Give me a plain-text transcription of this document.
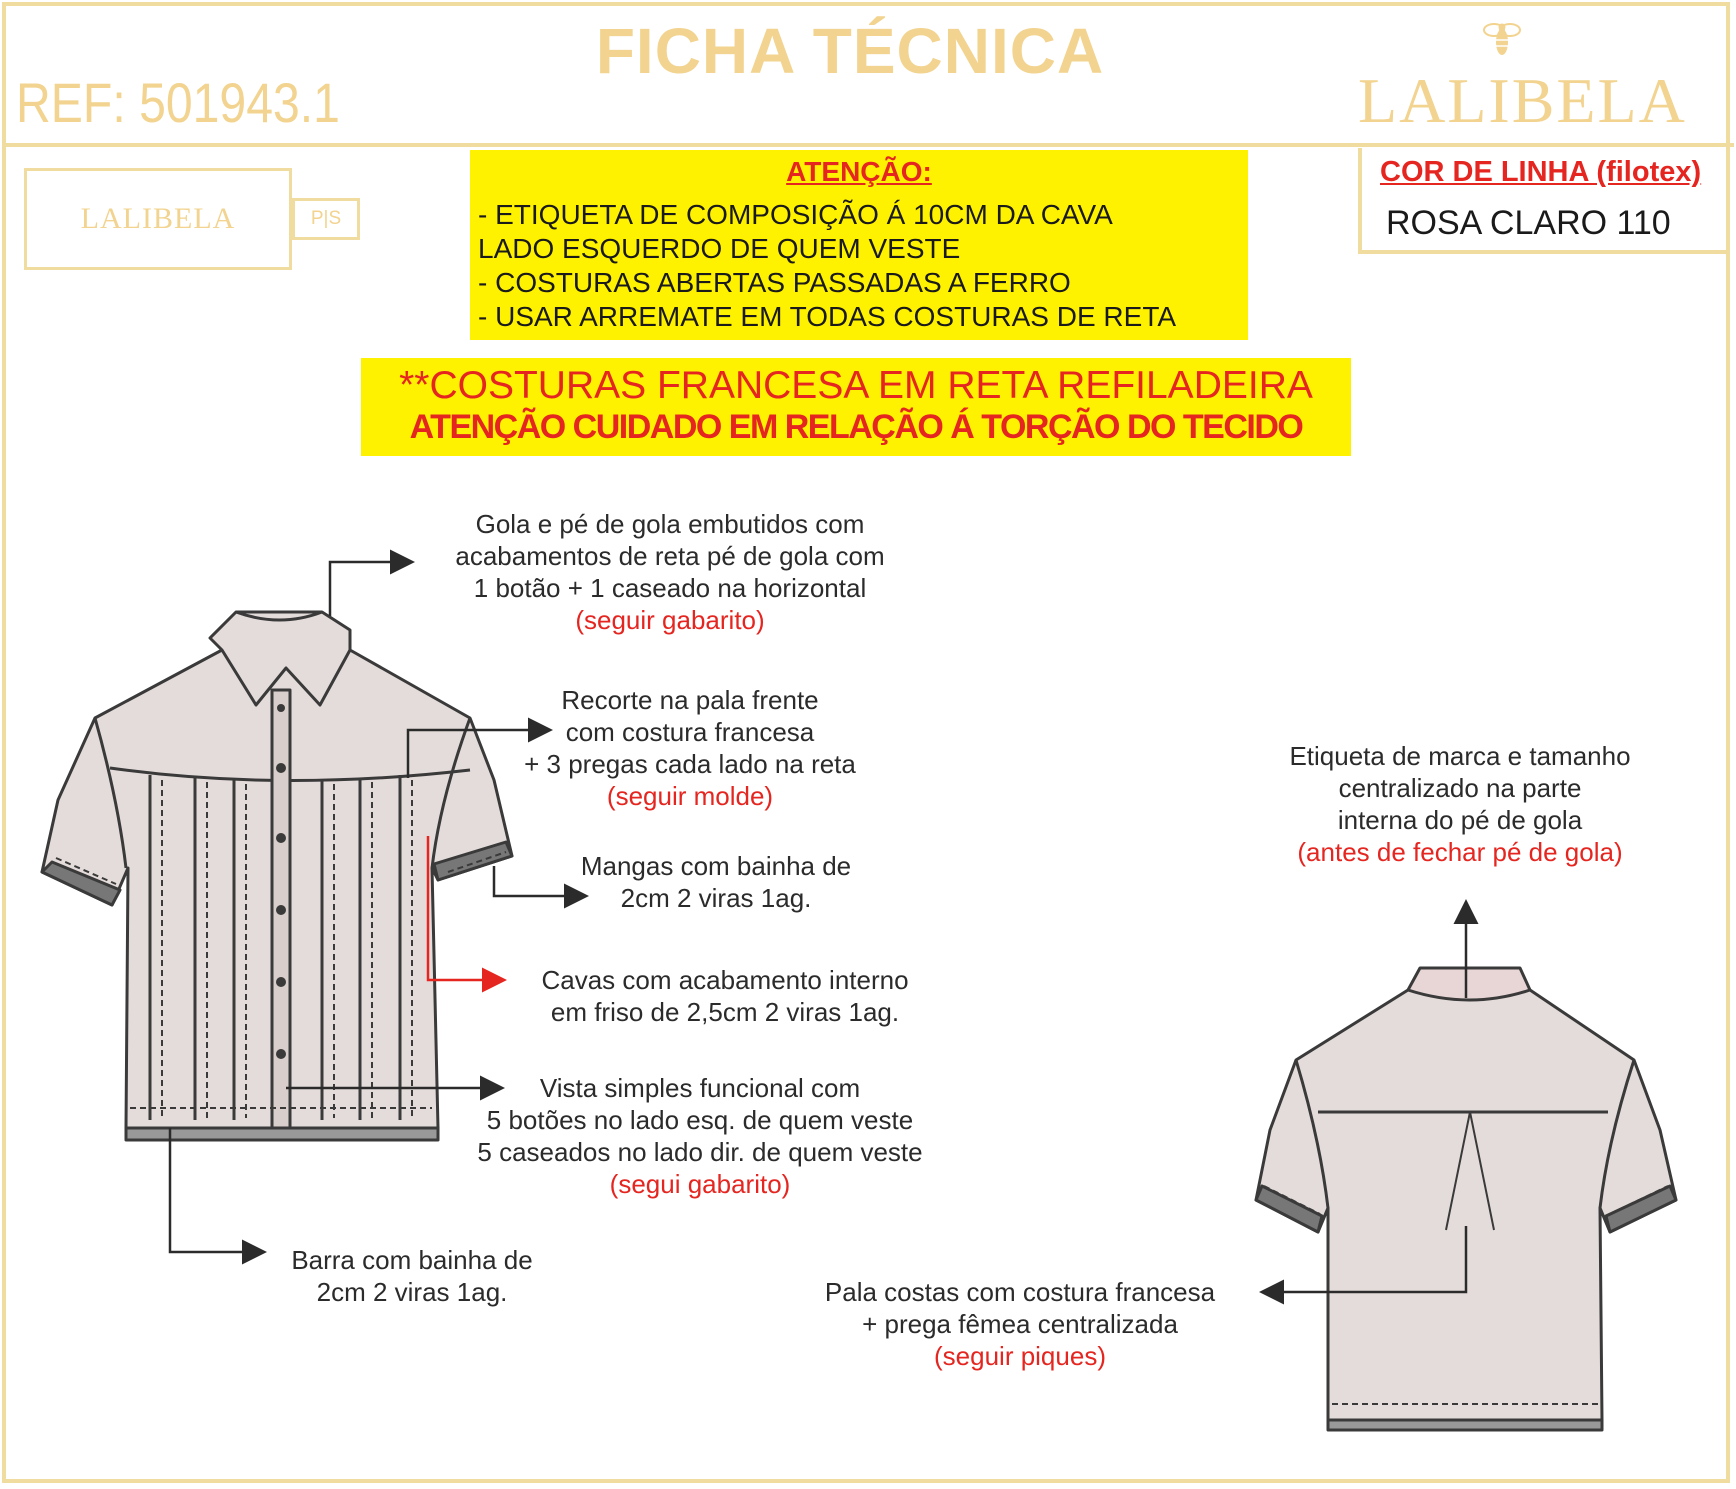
FICHA TÉCNICA
REF: 501943.1	LALIBELA
LALIBELA	P|S
ATENÇÃO:
- ETIQUETA DE COMPOSIÇÃO Á 10CM DA CAVA
LADO ESQUERDO DE QUEM VESTE
- COSTURAS ABERTAS PASSADAS A FERRO
- USAR ARREMATE EM TODAS COSTURAS DE RETA
COR DE LINHA (filotex)
ROSA CLARO 110
**COSTURAS FRANCESA EM RETA REFILADEIRA
ATENÇÃO CUIDADO EM RELAÇÃO Á TORÇÃO DO TECIDO
Gola e pé de gola embutidos com
acabamentos de reta pé de gola com
1 botão + 1 caseado na horizontal
(seguir gabarito)
Recorte na pala frente
com costura francesa
+ 3 pregas cada lado na reta
(seguir molde)
Mangas com bainha de
2cm 2 viras 1ag.
Cavas com acabamento interno
em friso de 2,5cm 2 viras 1ag.
Vista simples funcional com
5 botões no lado esq. de quem veste
5 caseados no lado dir. de quem veste
(segui gabarito)
Barra com bainha de
2cm 2 viras 1ag.
Etiqueta de marca e tamanho
centralizado na parte
interna do pé de gola
(antes de fechar pé de gola)
Pala costas com costura francesa
+ prega fêmea centralizada
(seguir piques)
